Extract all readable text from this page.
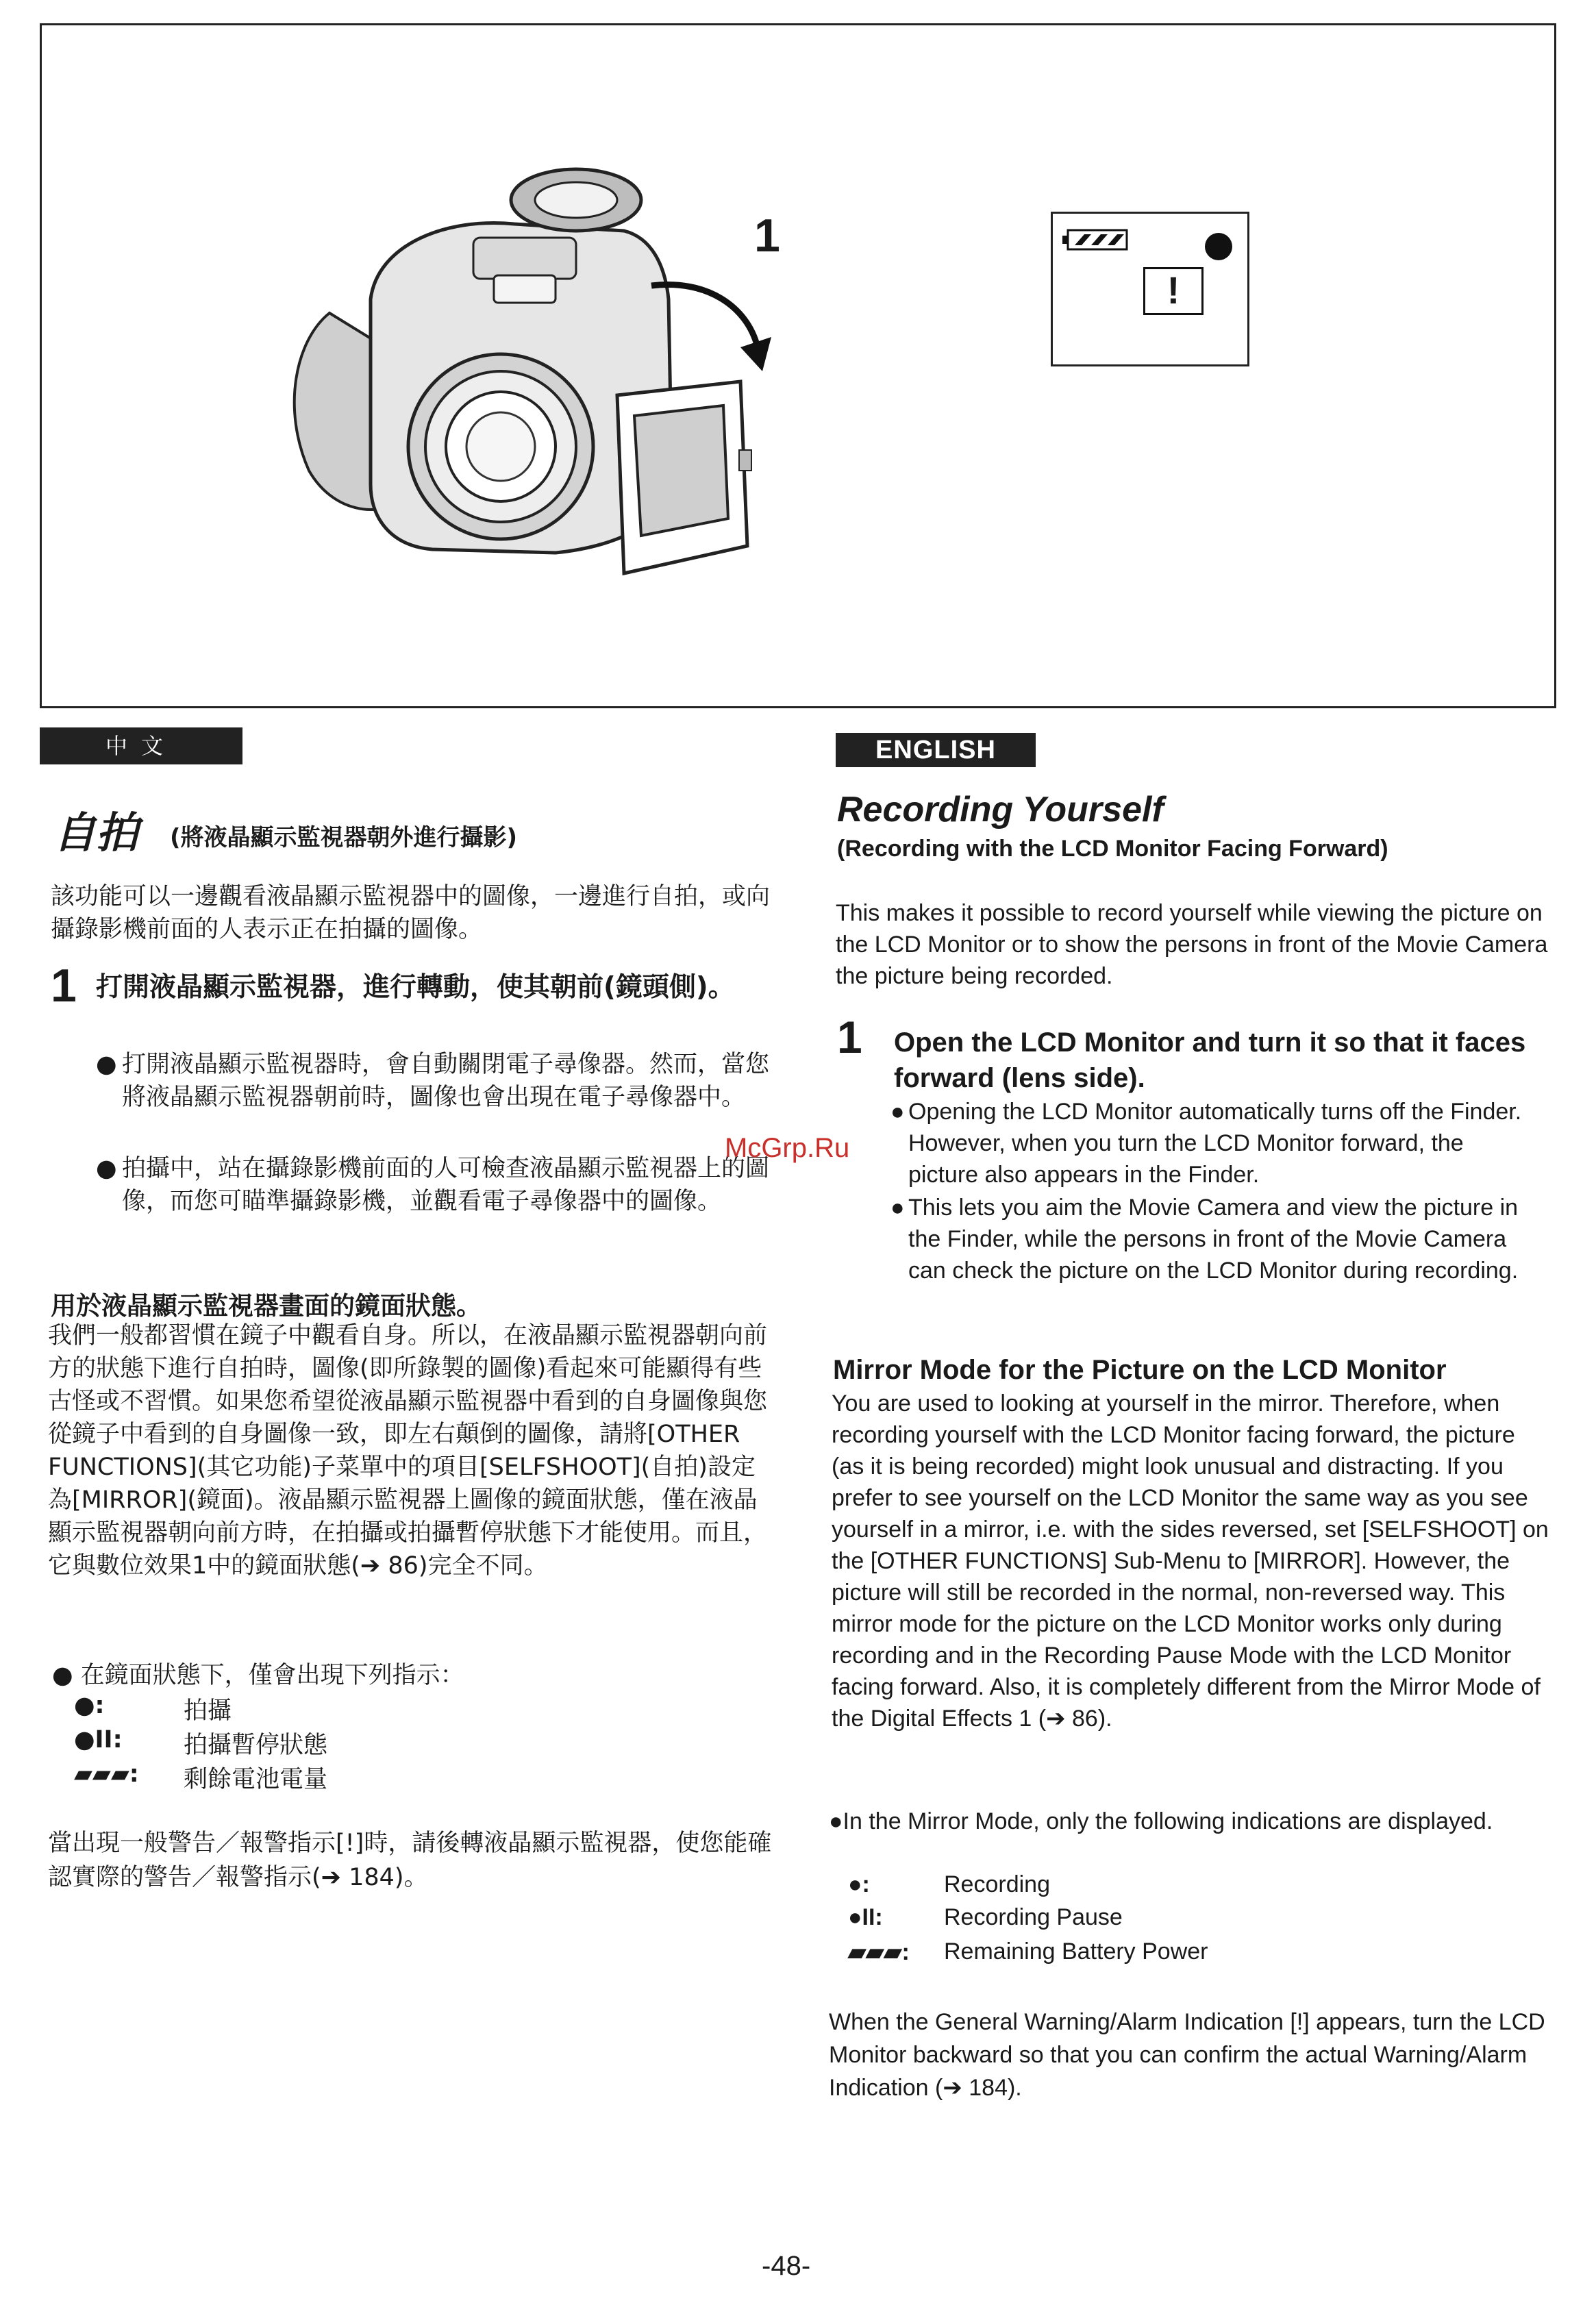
1
!
中文	ENGLISH
自拍 (將液晶顯示監視器朝外進行攝影)
該功能可以一邊觀看液晶顯示監視器中的圖像，一邊進行自拍，或向攝錄影機前面的人表示正在拍攝的圖像。
1 打開液晶顯示監視器，進行轉動，使其朝前(鏡頭側)。
● 打開液晶顯示監視器時，會自動關閉電子尋像器。然而，當您將液晶顯示監視器朝前時，圖像也會出現在電子尋像器中。
● 拍攝中，站在攝錄影機前面的人可檢查液晶顯示監視器上的圖像，而您可瞄準攝錄影機，並觀看電子尋像器中的圖像。
用於液晶顯示監視器畫面的鏡面狀態。
我們一般都習慣在鏡子中觀看自身。所以，在液晶顯示監視器朝向前方的狀態下進行自拍時，圖像(即所錄製的圖像)看起來可能顯得有些古怪或不習慣。如果您希望從液晶顯示監視器中看到的自身圖像與您從鏡子中看到的自身圖像一致，即左右顛倒的圖像，請將[OTHER FUNCTIONS](其它功能)子菜單中的項目[SELFSHOOT](自拍)設定為[MIRROR](鏡面)。液晶顯示監視器上圖像的鏡面狀態，僅在液晶顯示監視器朝向前方時，在拍攝或拍攝暫停狀態下才能使用。而且，它與數位效果1中的鏡面狀態(➔ 86)完全不同。
● 在鏡面狀態下，僅會出現下列指示：
●:	拍攝
●II:	拍攝暫停狀態
▰▰▰:	剩餘電池電量
當出現一般警告／報警指示[!]時，請後轉液晶顯示監視器，使您能確認實際的警告／報警指示(➔ 184)。
Recording Yourself
(Recording with the LCD Monitor Facing Forward)
This makes it possible to record yourself while viewing the picture on the LCD Monitor or to show the persons in front of the Movie Camera the picture being recorded.
1 Open the LCD Monitor and turn it so that it faces forward (lens side).
● Opening the LCD Monitor automatically turns off the Finder. However, when you turn the LCD Monitor forward, the picture also appears in the Finder.
● This lets you aim the Movie Camera and view the picture in the Finder, while the persons in front of the Movie Camera can check the picture on the LCD Monitor during recording.
Mirror Mode for the Picture on the LCD Monitor
You are used to looking at yourself in the mirror. Therefore, when recording yourself with the LCD Monitor facing forward, the picture (as it is being recorded) might look unusual and distracting. If you prefer to see yourself on the LCD Monitor the same way as you see yourself in a mirror, i.e. with the sides reversed, set [SELFSHOOT] on the [OTHER FUNCTIONS] Sub-Menu to [MIRROR]. However, the picture will still be recorded in the normal, non-reversed way. This mirror mode for the picture on the LCD Monitor works only during recording and in the Recording Pause Mode with the LCD Monitor facing forward. Also, it is completely different from the Mirror Mode of the Digital Effects 1 (➔ 86).
●In the Mirror Mode, only the following indications are displayed.
●:	Recording
●II:	Recording Pause
▰▰▰:	Remaining Battery Power
When the General Warning/Alarm Indication [!] appears, turn the LCD Monitor backward so that you can confirm the actual Warning/Alarm Indication (➔ 184).
McGrp.Ru
-48-
